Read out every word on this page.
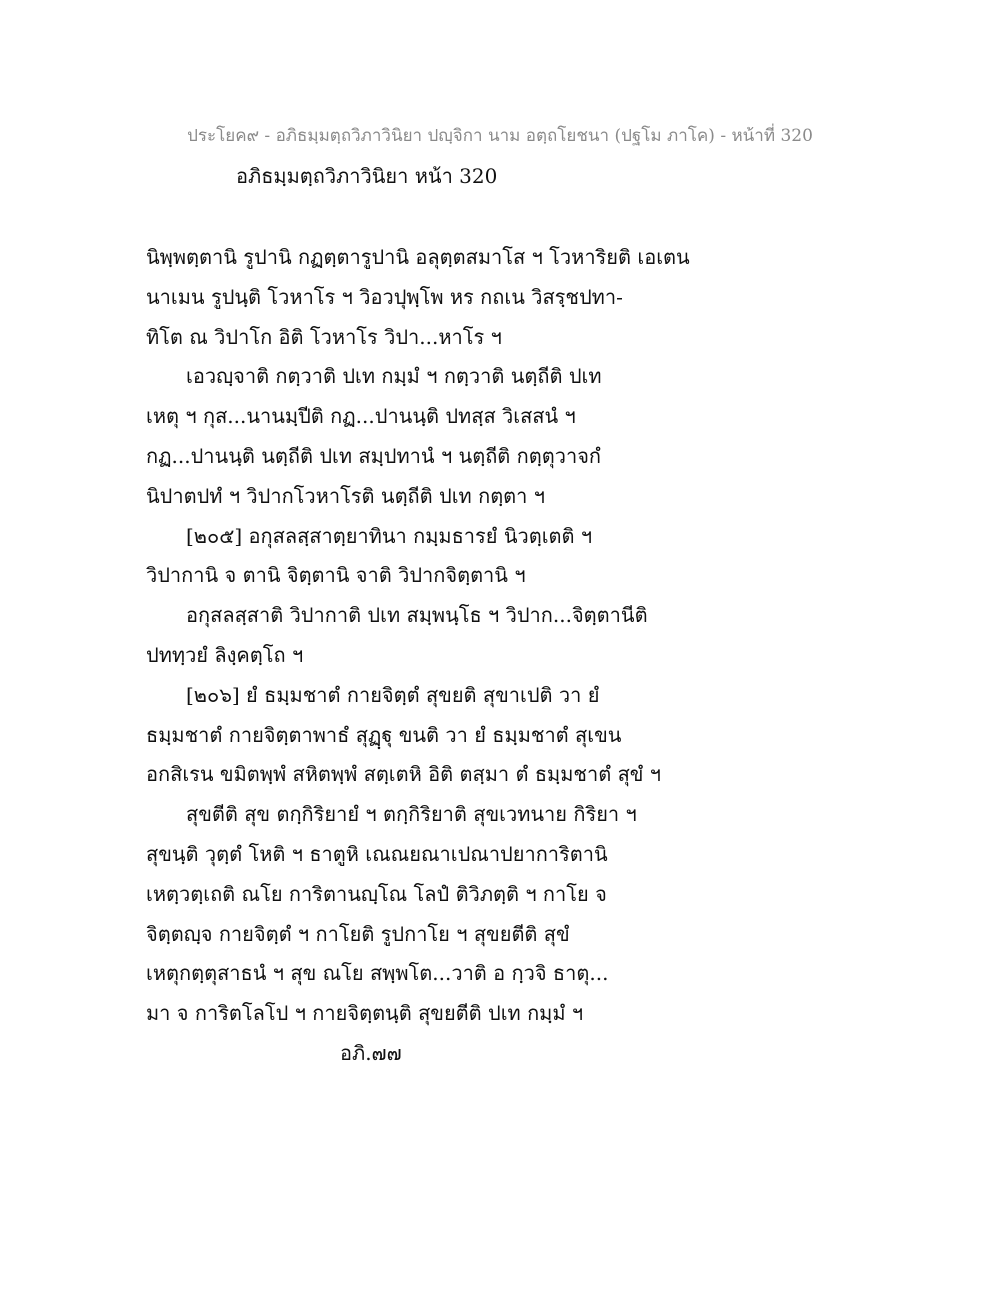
ประโยค๙ - อภิธมฺมตฺถวิภาวินิยา ปญฺจิกา นาม อตฺถโยชนา (ปฐโม ภาโค) - หน้าที่ 320
อภิธมฺมตฺถวิภาวินิยา หน้า 320
นิพฺพตฺตานิ รูปานิ กฏตฺตารูปานิ อลุตฺตสมาโส ฯ โวหาริยติ เอเตน
นาเมน รูปนฺติ โวหาโร ฯ วิอวปุพฺโพ หร กถเน วิสรฺชปทา-
ทิโต ณ วิปาโก อิติ โวหาโร วิปา...หาโร ฯ
เอวญฺจาติ กตฺวาติ ปเท กมฺมํ ฯ กตฺวาติ นตฺถีติ ปเท
เหตุ ฯ กุส...นานมฺปีติ กฏ...ปานนฺติ ปทสฺส วิเสสนํ ฯ
กฏ...ปานนฺติ นตฺถีติ ปเท สมฺปทานํ ฯ นตฺถีติ กตฺตุวาจกํ
นิปาตปทํ ฯ วิปากโวหาโรติ นตฺถีติ ปเท กตฺตา ฯ
[๒๐๕] อกุสลสฺสาตฺยาทินา กมฺมธารยํ นิวตฺเตติ ฯ
วิปากานิ จ ตานิ จิตฺตานิ จาติ วิปากจิตฺตานิ ฯ
อกุสลสฺสาติ วิปากาติ ปเท สมฺพนฺโธ ฯ วิปาก...จิตฺตานีติ
ปททฺวยํ ลิงฺคตฺโถ ฯ
[๒๐๖] ยํ ธมฺมชาตํ กายจิตฺตํ สุขยติ สุขาเปติ วา ยํ
ธมฺมชาตํ กายจิตฺตาพาธํ สุฏฺฐุ ขนติ วา ยํ ธมฺมชาตํ สุเขน
อกสิเรน ขมิตพฺพํ สหิตพฺพํ สตฺเตหิ อิติ ตสฺมา ตํ ธมฺมชาตํ สุขํ ฯ
สุขตีติ สุข ตกฺกิริยายํ ฯ ตกฺกิริยาติ สุขเวทนาย กิริยา ฯ
สุขนฺติ วุตฺตํ โหติ ฯ ธาตูหิ เณณยณาเปณาปยาการิตานิ
เหตฺวตฺเถติ ณโย การิตานญฺโณ โลปํ ติวิภตฺติ ฯ กาโย จ
จิตฺตญฺจ กายจิตฺตํ ฯ กาโยติ รูปกาโย ฯ สุขยตีติ สุขํ
เหตุกตฺตุสาธนํ ฯ สุข ณโย สพฺพโต...วาติ อ กฺวจิ ธาตุ...
มา จ การิตโลโป ฯ กายจิตฺตนฺติ สุขยตีติ ปเท กมฺมํ ฯ
อภิ.๗๗
